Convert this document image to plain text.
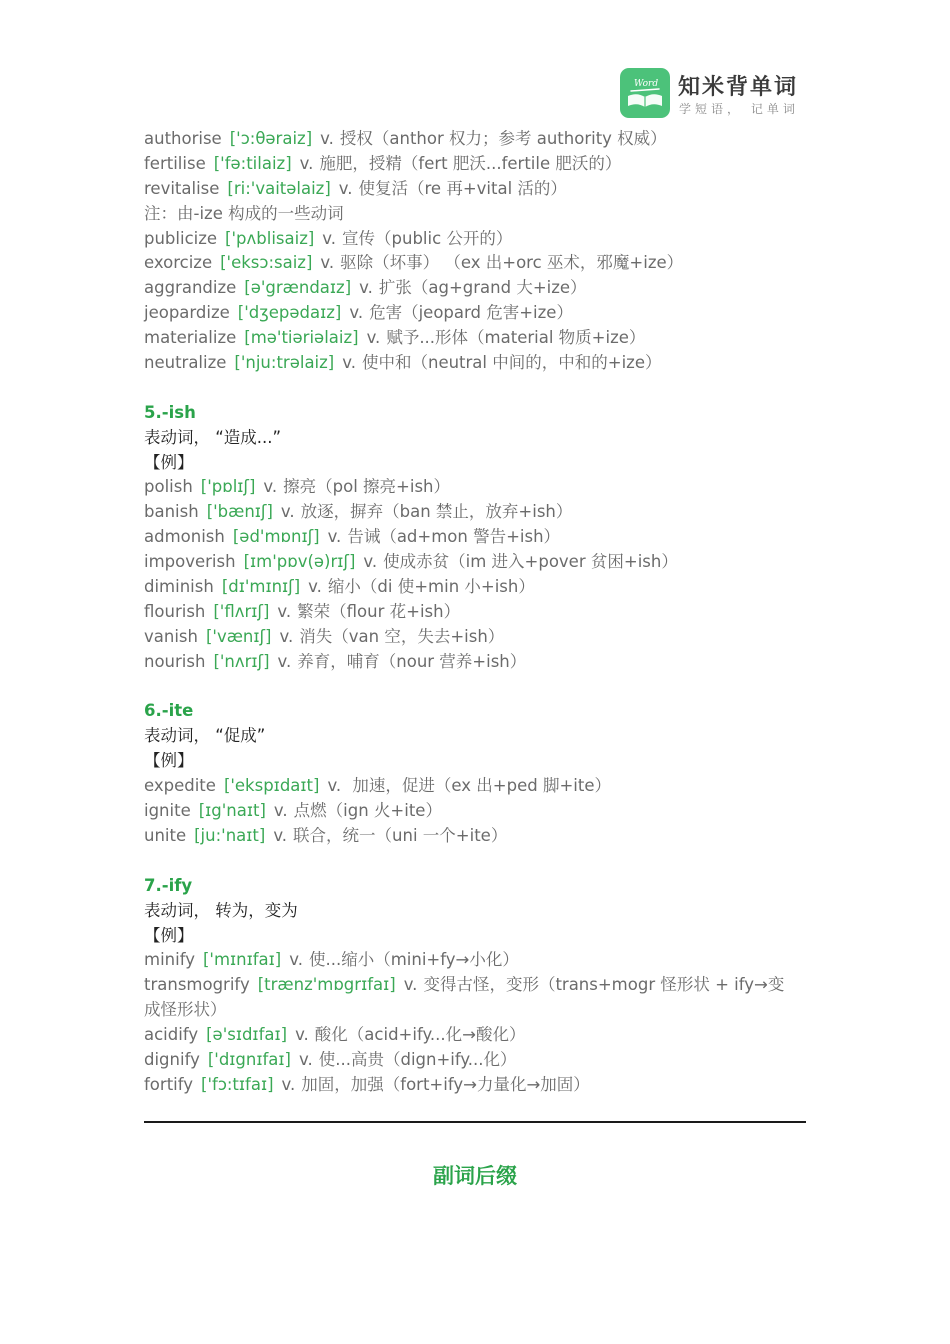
Word 知米背单词
学短语， 记单词
authorise ['ɔ:θəraiz] v. 授权（anthor 权力；参考 authority 权威）
fertilise ['fə:tilaiz] v. 施肥，授精（fert 肥沃...fertile 肥沃的）
revitalise [ri:'vaitəlaiz] v. 使复活（re 再+vital 活的）
注：由-ize 构成的一些动词
publicize ['pʌblisaiz] v. 宣传（public 公开的）
exorcize ['eksɔ:saiz] v. 驱除（坏事） （ex 出+orc 巫术，邪魔+ize）
aggrandize [ə'grændaɪz] v. 扩张（ag+grand 大+ize）
jeopardize ['dʒepədaɪz] v. 危害（jeopard 危害+ize）
materialize [mə'tiəriəlaiz] v. 赋予...形体（material 物质+ize）
neutralize ['nju:trəlaiz] v. 使中和（neutral 中间的，中和的+ize）
5.-ish
表动词， “造成...”
【例】
polish ['pɒlɪʃ] v. 擦亮（pol 擦亮+ish）
banish ['bænɪʃ] v. 放逐，摒弃（ban 禁止，放弃+ish）
admonish [əd'mɒnɪʃ] v. 告诫（ad+mon 警告+ish）
impoverish [ɪm'pɒv(ə)rɪʃ] v. 使成赤贫（im 进入+pover 贫困+ish）
diminish [dɪ'mɪnɪʃ] v. 缩小（di 使+min 小+ish）
flourish ['flʌrɪʃ] v. 繁荣（flour 花+ish）
vanish ['vænɪʃ] v. 消失（van 空，失去+ish）
nourish ['nʌrɪʃ] v. 养育，哺育（nour 营养+ish）
6.-ite
表动词， “促成”
【例】
expedite ['ekspɪdaɪt] v. 加速，促进（ex 出+ped 脚+ite）
ignite [ɪg'naɪt] v. 点燃（ign 火+ite）
unite [ju:'naɪt] v. 联合，统一（uni 一个+ite）
7.-ify
表动词， 转为，变为
【例】
minify ['mɪnɪfaɪ] v. 使...缩小（mini+fy→小化）
transmogrify [trænz'mɒgrɪfaɪ] v. 变得古怪，变形（trans+mogr 怪形状 + ify→变成怪形状）
acidify [ə'sɪdɪfaɪ] v. 酸化（acid+ify...化→酸化）
dignify ['dɪgnɪfaɪ] v. 使...高贵（dign+ify...化）
fortify ['fɔ:tɪfaɪ] v. 加固，加强（fort+ify→力量化→加固）
副词后缀
